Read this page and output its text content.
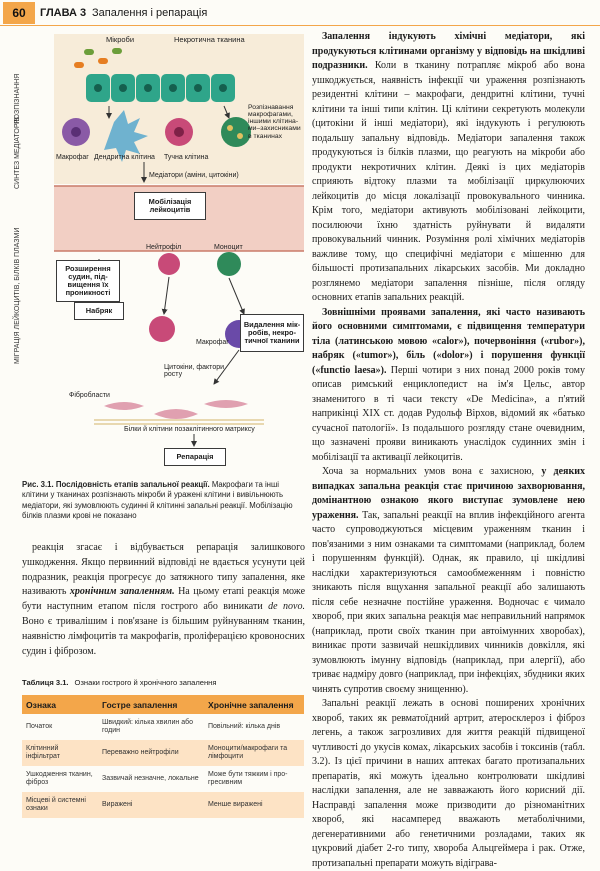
60	ГЛАВА 3 Запалення і репарація
РОЗПІЗНАННЯ
СИНТЕЗ МЕДІАТОРІВ
МІГРАЦІЯ ЛЕЙКОЦИТІВ, БІЛКІВ ПЛАЗМИ
Мікроби	Некротична тканина
Розпізнавання макрофагами, іншими клітинами–захисниками в тканинах
Макрофаг Дендритна клітина Тучна клітина
Медіатори (аміни, цитокіни)
Нейтрофіл	Моноцит
Макрофаг
Цитокіни, фактори росту
Фібробласти
Білки й клітини позаклітинного матриксу
Мобілізація лейкоцитів
Розширення судин, підвищення їх проникності
Набряк
Видалення мікробів, некротичної тканини
Репарація
Рис. 3.1. Послідовність етапів запальної реакції. Макрофаги та інші клітини у тканинах розпізнають мікроби й уражені клітини і вивільнюють медіатори, які зумовлюють судинні й клітинні запальні реакції. Мобілізацію білків плазми крові не показано

реакція згасає і відбувається репарація залишкового ушкодження. Якщо первинний відповіді не вдається усунути цей подразник, реакція прогресує до затяжного типу запалення, яке називають хронічним запаленням. На цьому етапі реакція може бути наступним етапом після гострого або виникати de novo. Воно є тривалішим і пов'язане із більшим руйнуванням тканин, наявністю лімфоцитів та макрофагів, проліферацією кровоносних судин і фіброзом.

Таблиця 3.1. Ознаки гострого й хронічного запалення
Ознака	Гостре запалення	Хронічне запалення
Початок	Швидкий: кілька хвилин або годин	Повільний: кілька днів
Клітинний інфільтрат	Переважно нейтрофіли	Моноцити/макрофаги та лімфоцити
Ушкодження тканин, фіброз	Зазвичай незначне, локальне	Може бути тяжким і прогресивним
Місцеві й системні ознаки	Виражені	Менше виражені

Запалення індукують хімічні медіатори, які продукуються клітинами організму у відповідь на шкідливі подразники. Коли в тканину потрапляє мікроб або вона ушкоджується, наявність інфекції чи ураження розпізнають резидентні клітини – макрофаги, дендритні клітини, тучні клітини та інші типи клітин. Ці клітини секретують молекули (цитокіни й інші медіатори), які індукують і регулюють подальшу запальну відповідь. Медіатори запалення також продукуються із білків плазми, що реагують на мікроби або продукти некротичних клітин. Деякі із цих медіаторів сприяють відтоку плазми та мобілізації циркулюючих лейкоцитів до місця локалізації провокувального чинника. Крім того, медіатори активують мобілізовані лейкоцити, посилюючи їхню здатність руйнувати й видаляти провокувальний чинник. Розуміння ролі хімічних медіаторів важливе тому, що специфічні медіатори є мішенню для більшості протизапальних лікарських засобів. Ми докладно розглянемо медіатори запалення пізніше, після огляду основних етапів запальних реакцій.

Зовнішніми проявами запалення, які часто називають його основними симптомами, є підвищення температури тіла (латинською мовою «calor»), почервоніння («rubor»), набряк («tumor»), біль («dolor») і порушення функції («functio laesa»). Перші чотири з них понад 2000 років тому описав римський енциклопедист на ім'я Цельс, автор знаменитого в ті часи тексту «De Medicina», а п'ятий наприкінці XIX ст. додав Рудольф Вірхов, відомий як «батько сучасної патології». Із подальшого розгляду стане очевидним, що зазначені прояви виникають унаслідок судинних змін і мобілізації та активації лейкоцитів.

Хоча за нормальних умов вона є захисною, у деяких випадках запальна реакція стає причиною захворювання, домінантною ознакою якого виступає зумовлене нею ураження. Так, запальні реакції на вплив інфекційного агента часто супроводжуються місцевим ураженням тканин і пов'язаними з ним ознаками та симптомами (наприклад, болем і порушенням функцій). Однак, як правило, ці шкідливі наслідки характеризуються самообмеженням і повністю зникають після вщухання запальної реакції або залишають після себе незначне постійне ураження. Водночас є чимало хвороб, при яких запальна реакція має неправильний напрямок (наприклад, проти своїх тканин при автоімунних хворобах), виникає проти зазвичай нешкідливих чинників довкілля, які зумовлюють імунну відповідь (наприклад, при алергії), або триває надміру довго (наприклад, при інфекціях, збудники яких чинять супротив своєму знищенню).

Запальні реакції лежать в основі поширених хронічних хвороб, таких як ревматоїдний артрит, атеросклероз і фіброз легень, а також загрозливих для життя реакцій підвищеної чутливості до укусів комах, лікарських засобів і токсинів (табл. 3.2). Із цієї причини в наших аптеках багато протизапальних препаратів, які можуть ідеально контролювати шкідливі наслідки запалення, але не завважають його корисний дії. Насправді запалення може призводити до різноманітних хвороб, які насамперед вважають метаболічними, дегенеративними або генетичними розладами, таких як цукровий діабет 2-го типу, хвороба Альцгеймера і рак. Отже, протизапальні препарати можуть відіграва-
